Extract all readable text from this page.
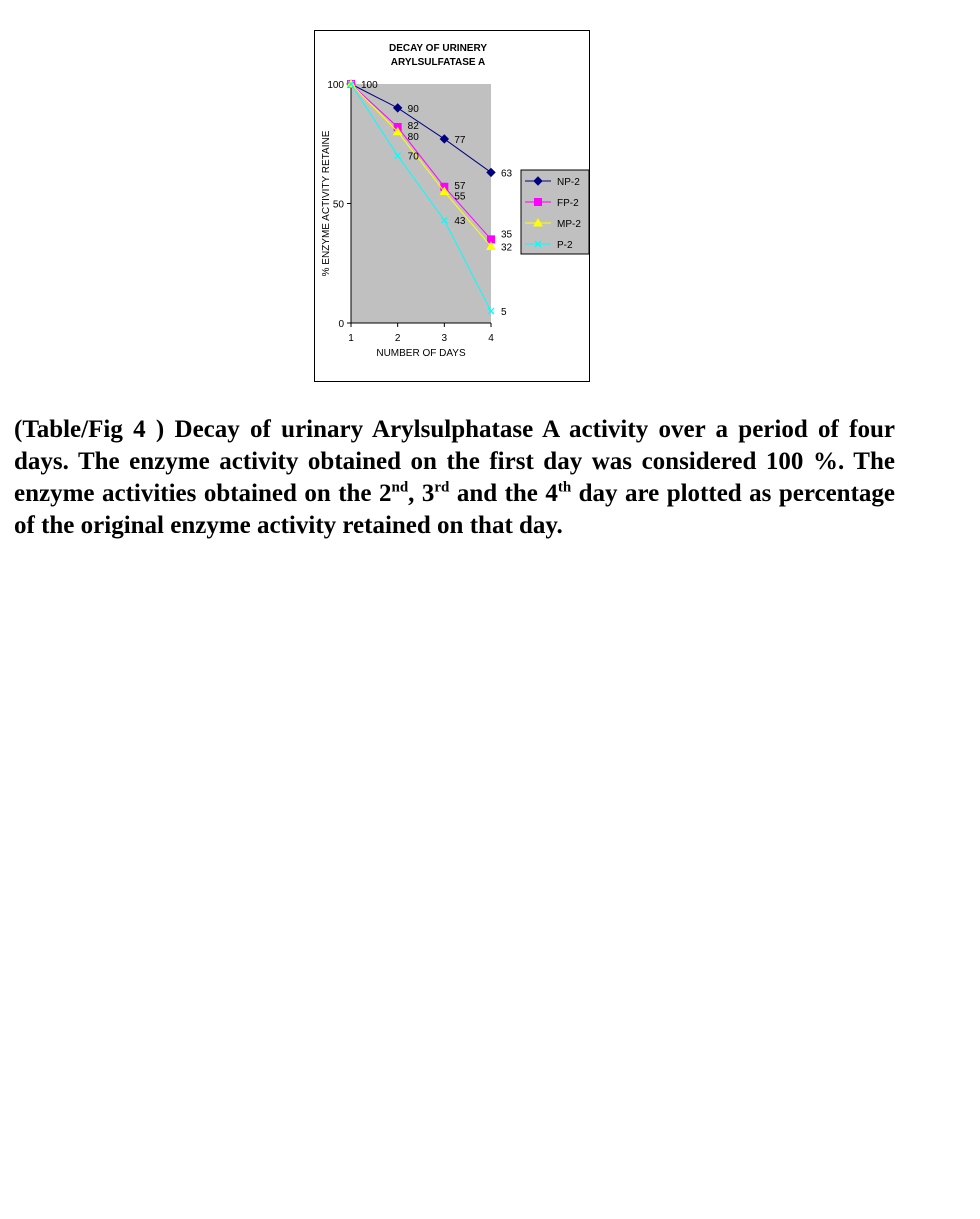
DECAY OF URINERY
ARYLSULFATASE A
0
50
100
1	2	3	4
NUMBER OF DAYS
% ENZYME ACTIVITY RETAINE
100
90
77
63
82
57
35
80
55
32
70
43
5
NP-2
FP-2
MP-2
P-2

(Table/Fig 4 ) Decay of urinary Arylsulphatase A activity over a period of four days. The enzyme activity obtained on the first day was considered 100 %. The enzyme activities obtained on the 2nd, 3rd and the 4th day are plotted as percentage of the original enzyme activity retained on that day.
